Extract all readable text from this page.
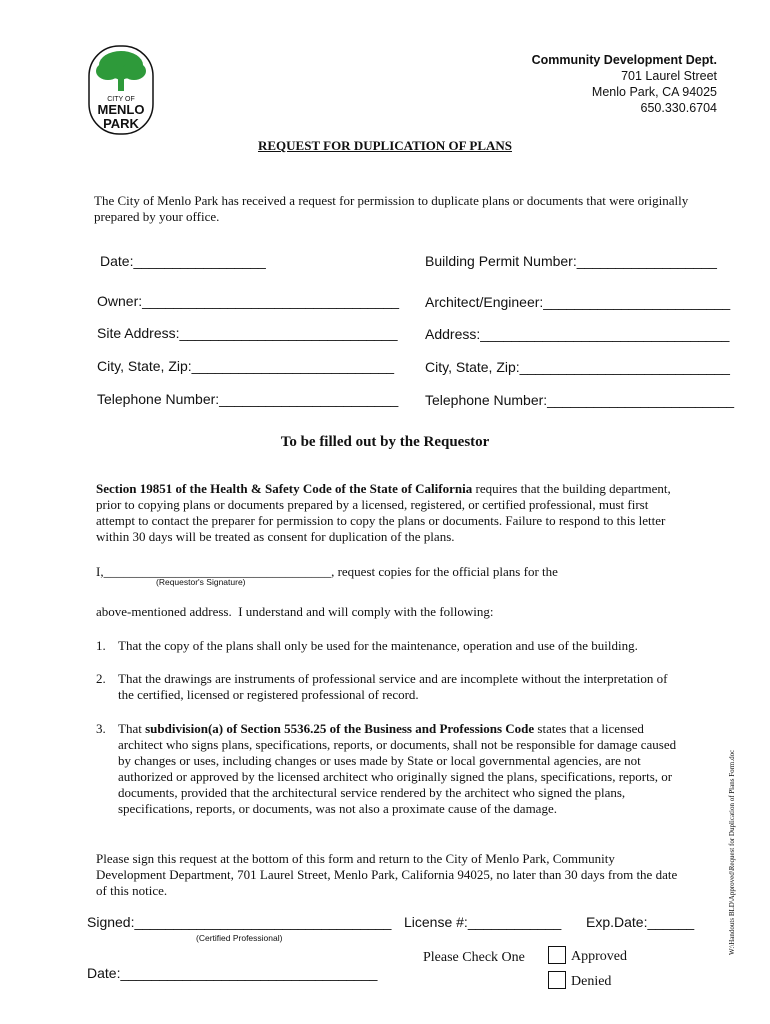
CITY OF
MENLO
PARK
Community Development Dept.
701 Laurel Street
Menlo Park, CA 94025
650.330.6704
REQUEST FOR DUPLICATION OF PLANS
The City of Menlo Park has received a request for permission to duplicate plans or documents that were originally prepared by your office.
Date:_________________	Building Permit Number:__________________
Owner:_________________________________ Architect/Engineer:________________________
Site Address:____________________________ Address:________________________________
City, State, Zip:__________________________ City, State, Zip:___________________________
Telephone Number:_______________________ Telephone Number:________________________
To be filled out by the Requestor
Section 19851 of the Health & Safety Code of the State of California requires that the building department, prior to copying plans or documents prepared by a licensed, registered, or certified professional, must first attempt to contact the preparer for permission to copy the plans or documents. Failure to respond to this letter within 30 days will be treated as consent for duplication of the plans.
I,___________________________________, request copies for the official plans for the
(Requestor's Signature)
above-mentioned address.  I understand and will comply with the following:
1. That the copy of the plans shall only be used for the maintenance, operation and use of the building.
2. That the drawings are instruments of professional service and are incomplete without the interpretation of the certified, licensed or registered professional of record.
3. That subdivision(a) of Section 5536.25 of the Business and Professions Code states that a licensed architect who signs plans, specifications, reports, or documents, shall not be responsible for damage caused by changes or uses, including changes or uses made by State or local governmental agencies, are not authorized or approved by the licensed architect who originally signed the plans, specifications, reports, or documents, provided that the architectural service rendered by the architect who signed the plans, specifications, reports, or documents, was not also a proximate cause of the damage.
Please sign this request at the bottom of this form and return to the City of Menlo Park, Community Development Department, 701 Laurel Street, Menlo Park, California 94025, no later than 30 days from the date of this notice.
Signed:_________________________________ License #:____________ Exp.Date:______
(Certified Professional)
Date:_________________________________
Please Check One	Approved
Denied
W:\Handouts BLD\Approved\Request for Duplication of Plans Form.doc
